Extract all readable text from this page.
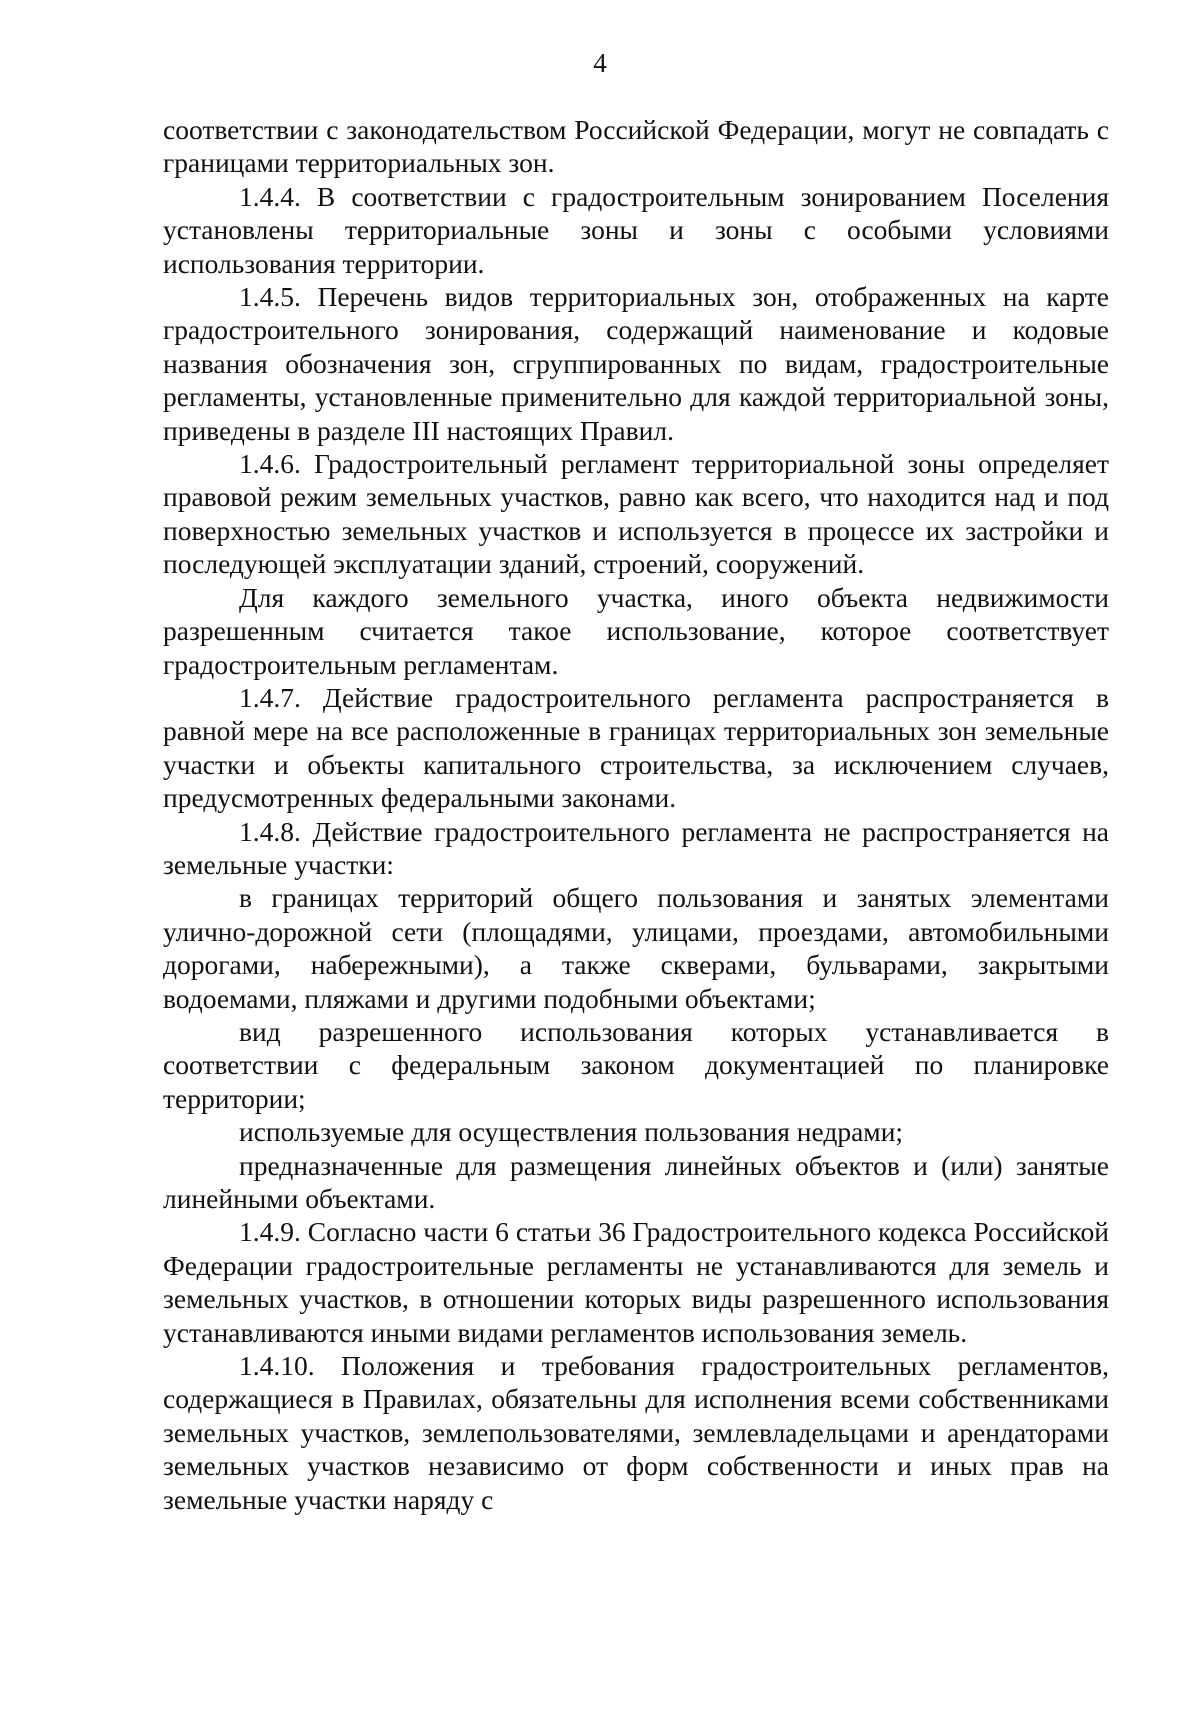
4

соответствии с законодательством Российской Федерации, могут не совпадать с границами территориальных зон.

1.4.4. В соответствии с градостроительным зонированием Поселения установлены территориальные зоны и зоны с особыми условиями использования территории.

1.4.5. Перечень видов территориальных зон, отображенных на карте градостроительного зонирования, содержащий наименование и кодовые названия обозначения зон, сгруппированных по видам, градостроительные регламенты, установленные применительно для каждой территориальной зоны, приведены в разделе III настоящих Правил.

1.4.6. Градостроительный регламент территориальной зоны определяет правовой режим земельных участков, равно как всего, что находится над и под поверхностью земельных участков и используется в процессе их застройки и последующей эксплуатации зданий, строений, сооружений.

Для каждого земельного участка, иного объекта недвижимости разрешенным считается такое использование, которое соответствует градостроительным регламентам.

1.4.7. Действие градостроительного регламента распространяется в равной мере на все расположенные в границах территориальных зон земельные участки и объекты капитального строительства, за исключением случаев, предусмотренных федеральными законами.

1.4.8. Действие градостроительного регламента не распространяется на земельные участки:

в границах территорий общего пользования и занятых элементами улично-дорожной сети (площадями, улицами, проездами, автомобильными дорогами, набережными), а также скверами, бульварами, закрытыми водоемами, пляжами и другими подобными объектами;

вид разрешенного использования которых устанавливается в соответствии с федеральным законом документацией по планировке территории;

используемые для осуществления пользования недрами;

предназначенные для размещения линейных объектов и (или) занятые линейными объектами.

1.4.9. Согласно части 6 статьи 36 Градостроительного кодекса Российской Федерации градостроительные регламенты не устанавливаются для земель и земельных участков, в отношении которых виды разрешенного использования устанавливаются иными видами регламентов использования земель.

1.4.10. Положения и требования градостроительных регламентов, содержащиеся в Правилах, обязательны для исполнения всеми собственниками земельных участков, землепользователями, землевладельцами и арендаторами земельных участков независимо от форм собственности и иных прав на земельные участки наряду с
